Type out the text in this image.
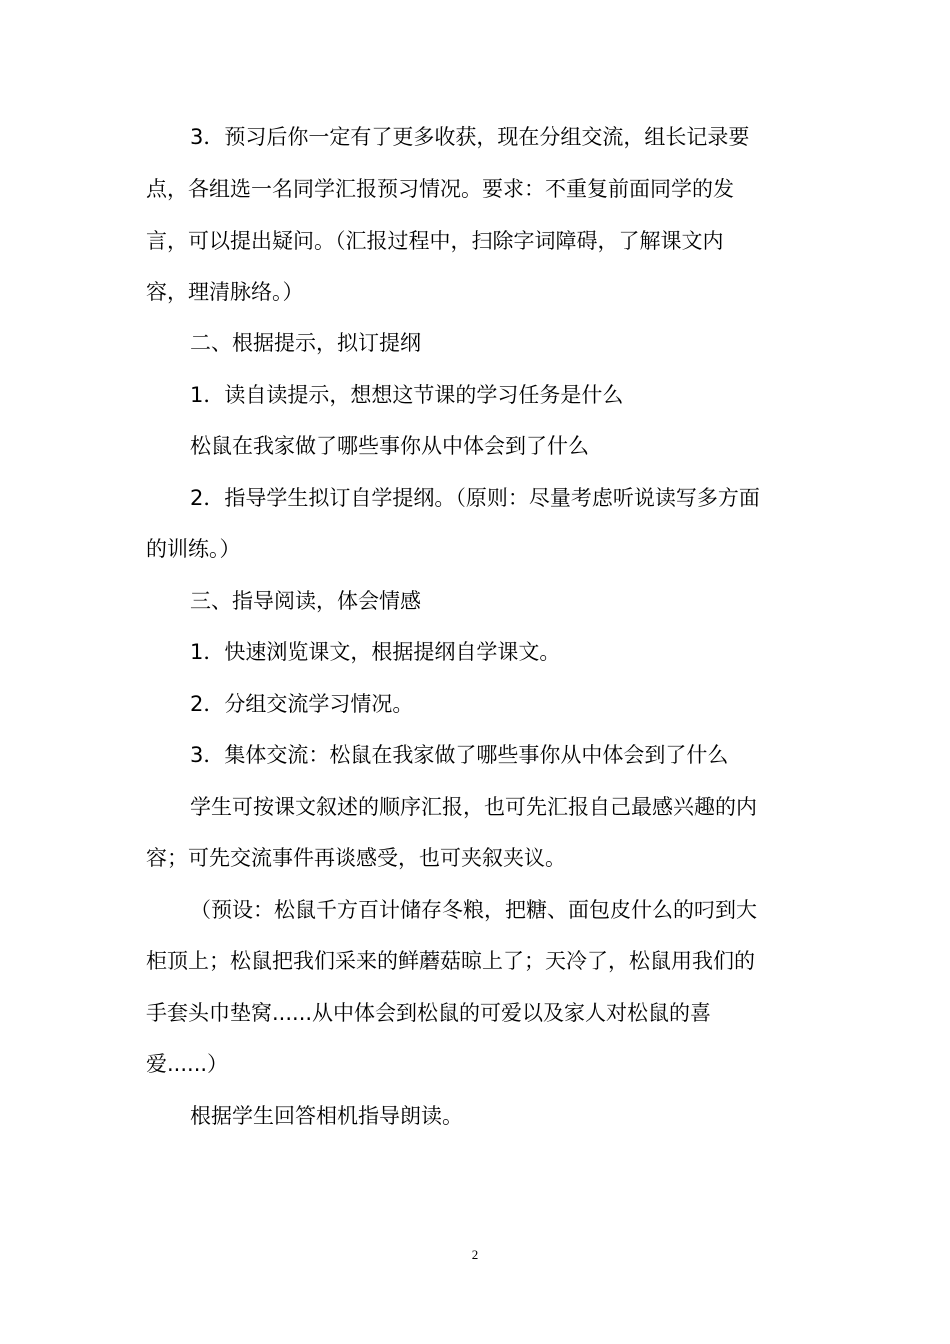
3．预习后你一定有了更多收获，现在分组交流，组长记录要
点，各组选一名同学汇报预习情况。要求：不重复前面同学的发
言，可以提出疑问。（汇报过程中，扫除字词障碍，了解课文内
容，理清脉络。）
二、根据提示，拟订提纲
1．读自读提示，想想这节课的学习任务是什么
松鼠在我家做了哪些事你从中体会到了什么
2．指导学生拟订自学提纲。（原则：尽量考虑听说读写多方面
的训练。）
三、指导阅读，体会情感
1．快速浏览课文，根据提纲自学课文。
2．分组交流学习情况。
3．集体交流：松鼠在我家做了哪些事你从中体会到了什么
学生可按课文叙述的顺序汇报，也可先汇报自己最感兴趣的内
容；可先交流事件再谈感受，也可夹叙夹议。
（预设：松鼠千方百计储存冬粮，把糖、面包皮什么的叼到大
柜顶上；松鼠把我们采来的鲜蘑菇晾上了；天冷了，松鼠用我们的
手套头巾垫窝......从中体会到松鼠的可爱以及家人对松鼠的喜
爱......）
根据学生回答相机指导朗读。
2
